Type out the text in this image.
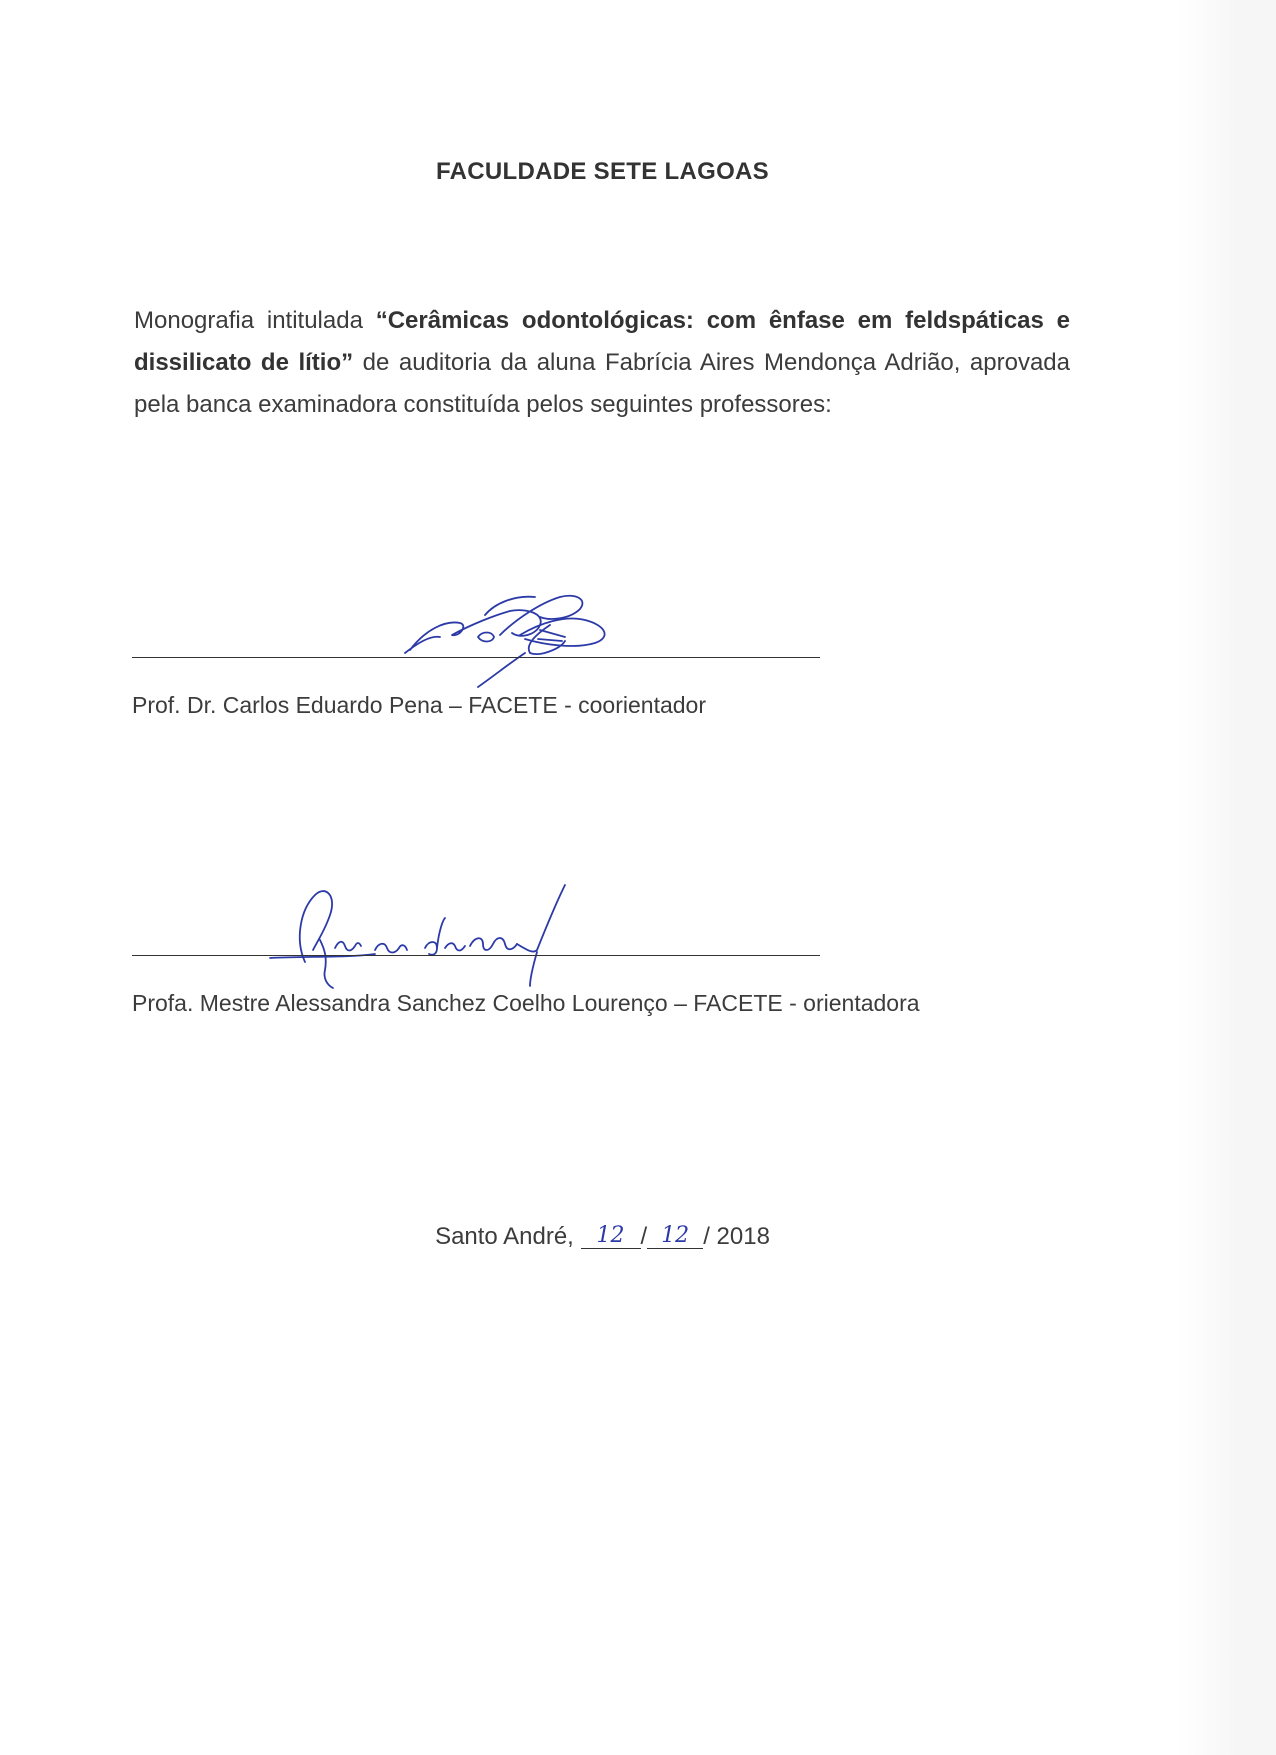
FACULDADE SETE LAGOAS
Monografia intitulada “Cerâmicas odontológicas: com ênfase em feldspáticas e dissilicato de lítio” de auditoria da aluna Fabrícia Aires Mendonça Adrião, aprovada pela banca examinadora constituída pelos seguintes professores:
Prof. Dr. Carlos Eduardo Pena – FACETE - coorientador
Profa. Mestre Alessandra Sanchez Coelho Lourenço – FACETE - orientadora
Santo André, 12 / 12 / 2018
